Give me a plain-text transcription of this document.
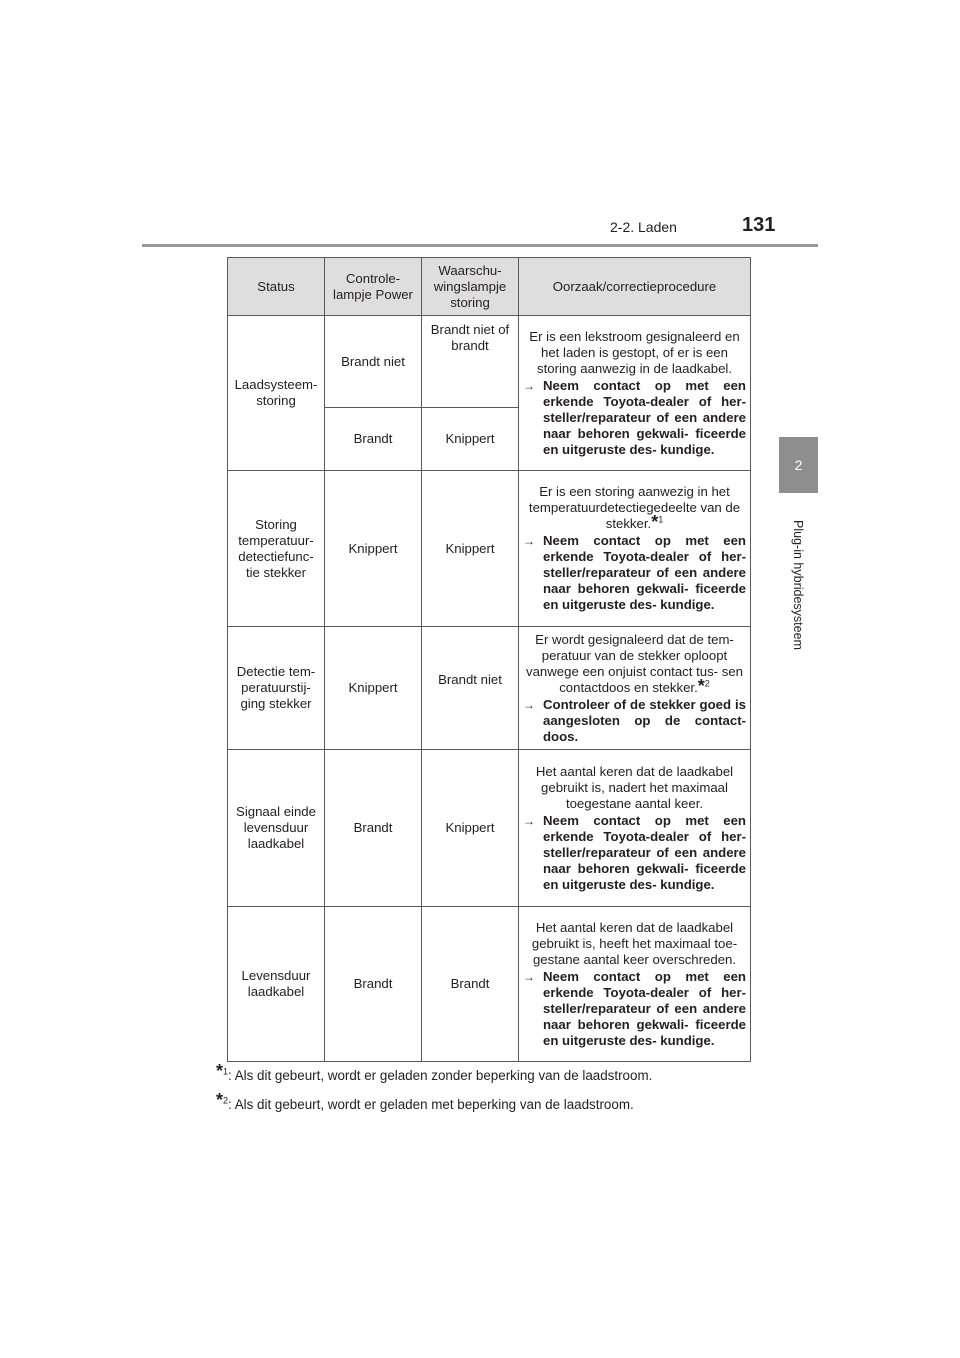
2-2. Laden	131
2
Plug-in hybridesysteem
Status	Controle- lampje Power	Waarschu- wingslampje storing	Oorzaak/correctieprocedure
Laadsysteem- storing	Brandt niet	Brandt niet of brandt	Er is een lekstroom gesignaleerd en het laden is gestopt, of er is een storing aanwezig in de laadkabel.
→ Neem contact op met een erkende Toyota-dealer of her- steller/reparateur of een andere naar behoren gekwali- ficeerde en uitgeruste des- kundige.

	Brandt	Knippert	
Storing temperatuur- detectiefunc- tie stekker	Knippert	Knippert	Er is een storing aanwezig in het temperatuurdetectiegedeelte van de stekker.*$^1$
→ Neem contact op met een erkende Toyota-dealer of her- steller/reparateur of een andere naar behoren gekwali- ficeerde en uitgeruste des- kundige.

Detectie tem- peratuurstij- ging stekker	Knippert	Brandt niet	Er wordt gesignaleerd dat de tem- peratuur van de stekker oploopt vanwege een onjuist contact tus- sen contactdoos en stekker.*$^2$
→ Controleer of de stekker goed is aangesloten op de contact- doos.

Signaal einde levensduur laadkabel	Brandt	Knippert	Het aantal keren dat de laadkabel gebruikt is, nadert het maximaal toegestane aantal keer.
→ Neem contact op met een erkende Toyota-dealer of her- steller/reparateur of een andere naar behoren gekwali- ficeerde en uitgeruste des- kundige.

Levensduur laadkabel	Brandt	Brandt	Het aantal keren dat de laadkabel gebruikt is, heeft het maximaal toe- gestane aantal keer overschreden.
→ Neem contact op met een erkende Toyota-dealer of her- steller/reparateur of een andere naar behoren gekwali- ficeerde en uitgeruste des- kundige.
*$^1$: Als dit gebeurt, wordt er geladen zonder beperking van de laadstroom.
*$^2$: Als dit gebeurt, wordt er geladen met beperking van de laadstroom.
